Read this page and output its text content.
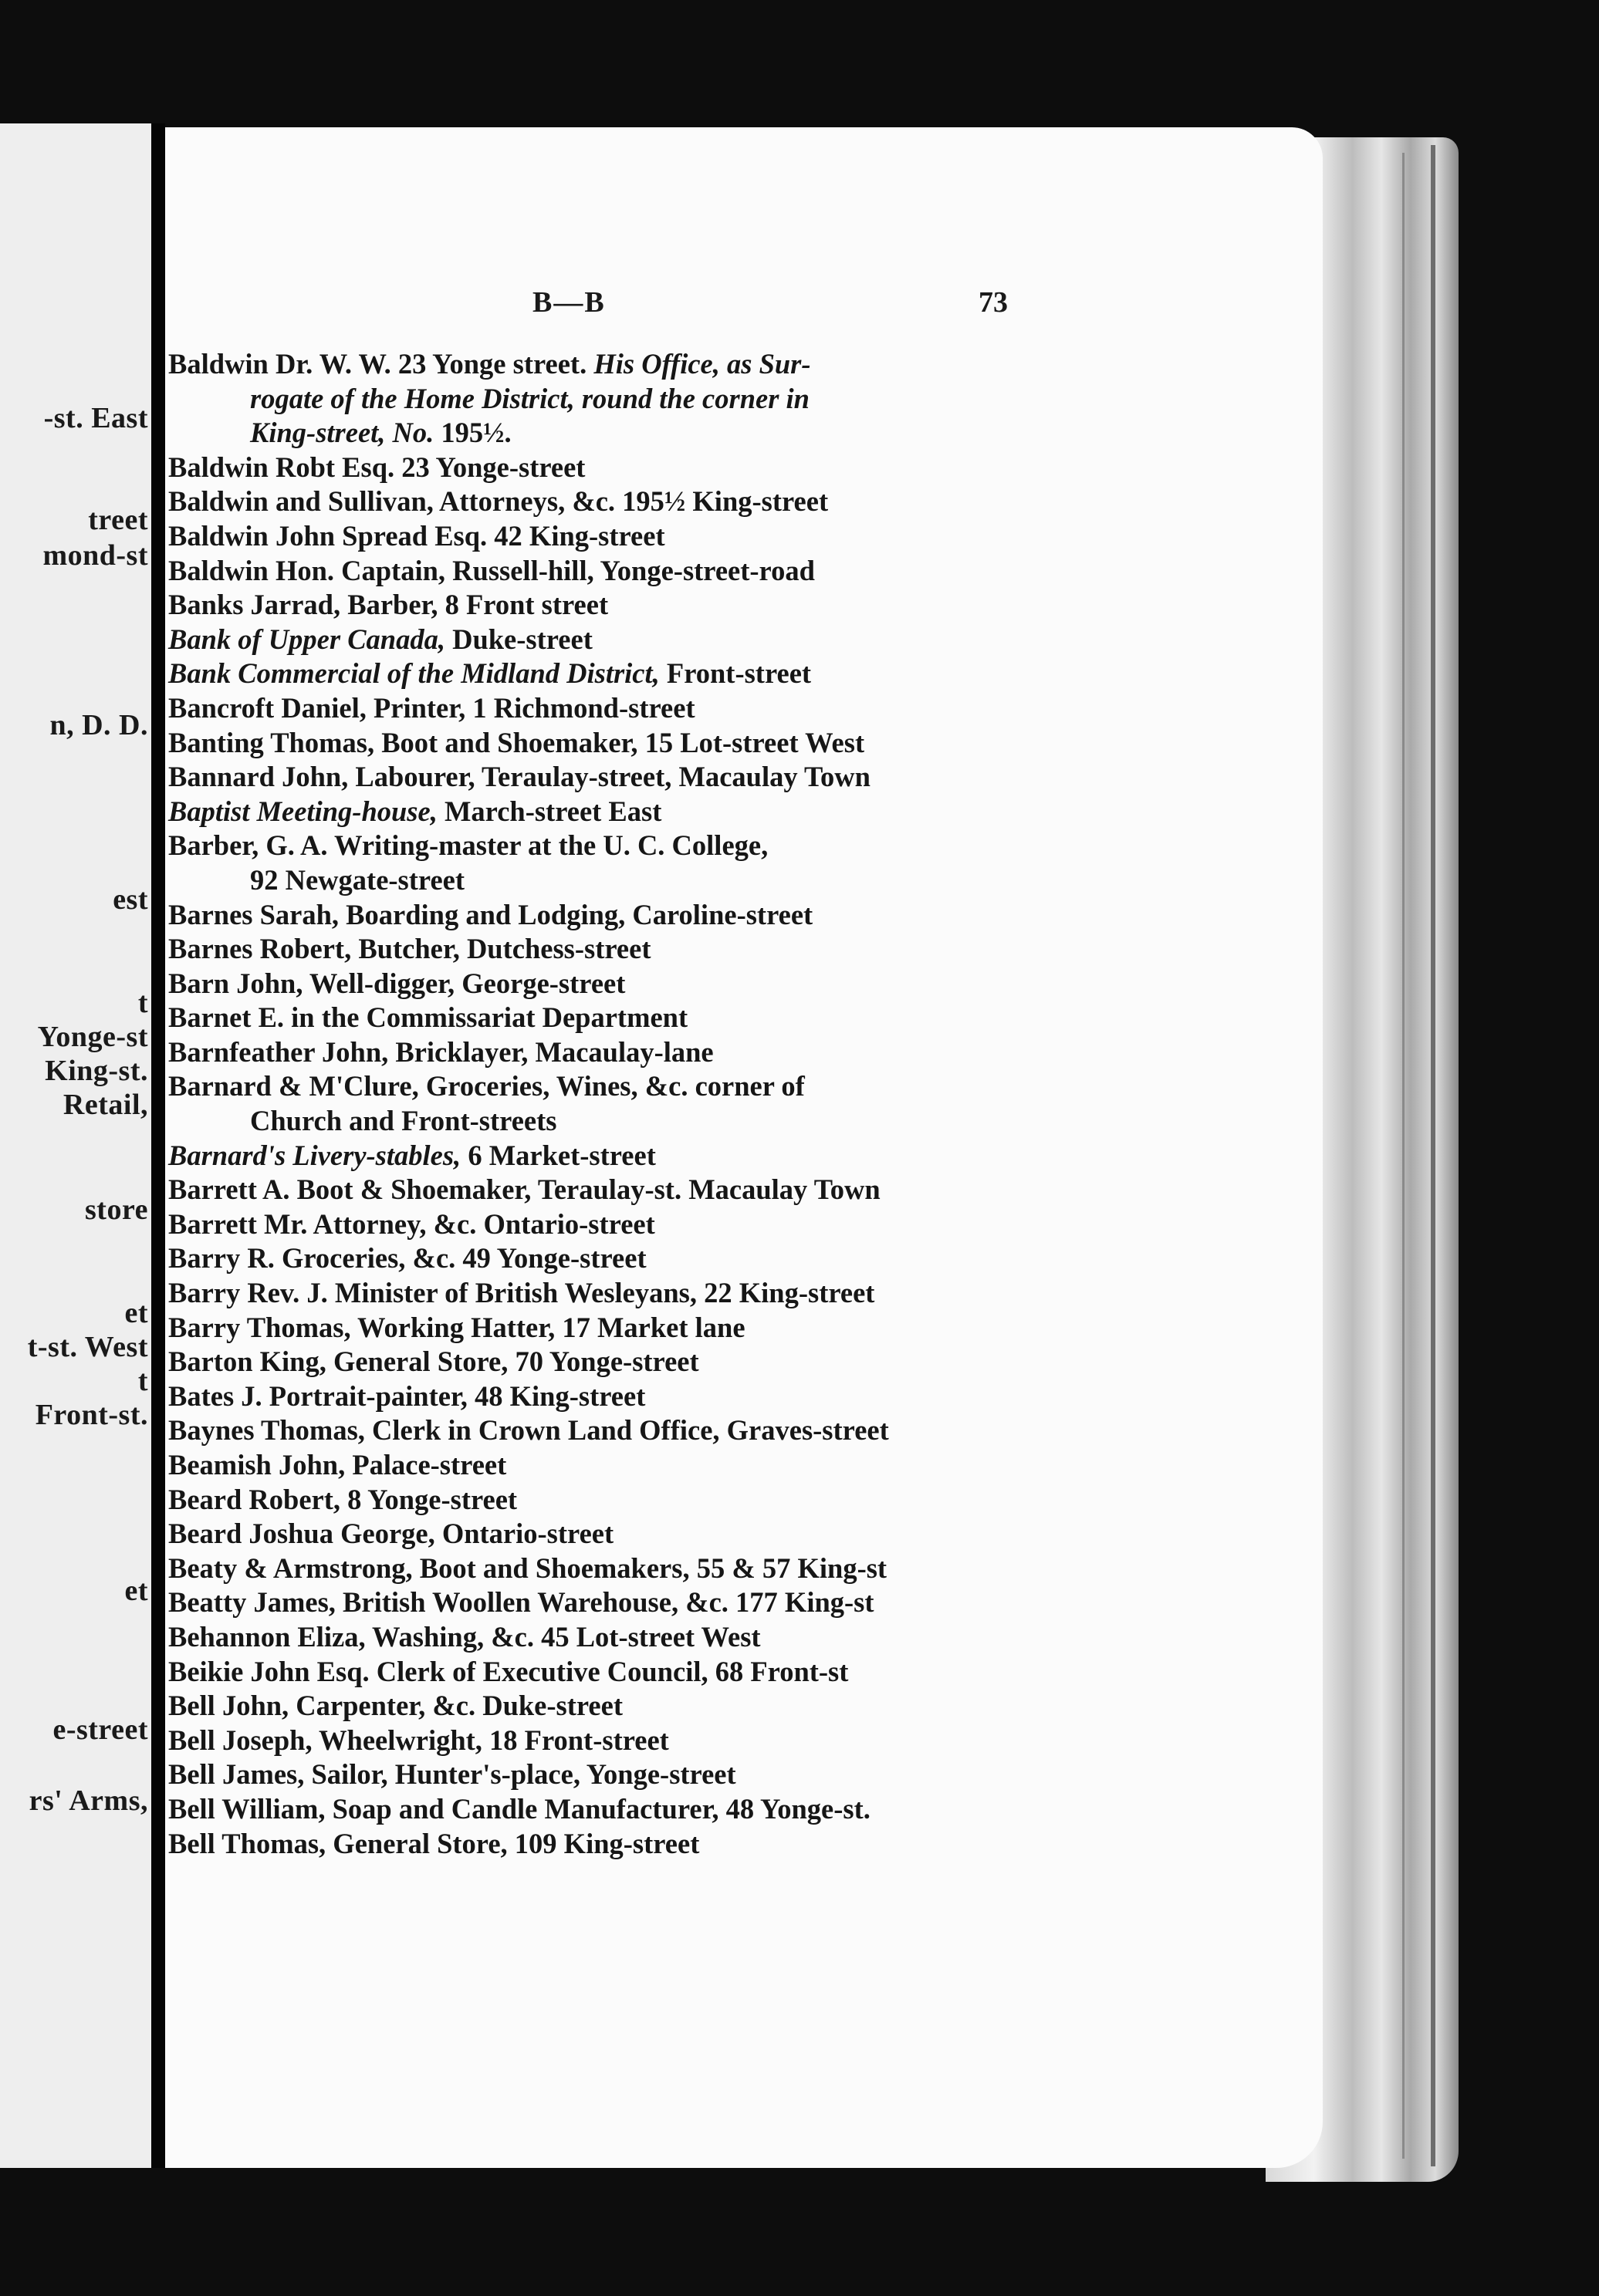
-st. East
treet
mond-st
n, D. D.
est
t
Yonge-st
King-st.
Retail,
store
et
t-st. West
t
Front-st.
et
e-street
rs' Arms,
B—B	73
Baldwin Dr. W. W. 23 Yonge street. His Office, as Sur-
rogate of the Home District, round the corner in
King-street, No. 195½.
Baldwin Robt Esq. 23 Yonge-street
Baldwin and Sullivan, Attorneys, &c. 195½ King-street
Baldwin John Spread Esq. 42 King-street
Baldwin Hon. Captain, Russell-hill, Yonge-street-road
Banks Jarrad, Barber, 8 Front street
Bank of Upper Canada, Duke-street
Bank Commercial of the Midland District, Front-street
Bancroft Daniel, Printer, 1 Richmond-street
Banting Thomas, Boot and Shoemaker, 15 Lot-street West
Bannard John, Labourer, Teraulay-street, Macaulay Town
Baptist Meeting-house, March-street East
Barber, G. A. Writing-master at the U. C. College,
92 Newgate-street
Barnes Sarah, Boarding and Lodging, Caroline-street
Barnes Robert, Butcher, Dutchess-street
Barn John, Well-digger, George-street
Barnet E. in the Commissariat Department
Barnfeather John, Bricklayer, Macaulay-lane
Barnard & M'Clure, Groceries, Wines, &c. corner of
Church and Front-streets
Barnard's Livery-stables, 6 Market-street
Barrett A. Boot & Shoemaker, Teraulay-st. Macaulay Town
Barrett Mr. Attorney, &c. Ontario-street
Barry R. Groceries, &c. 49 Yonge-street
Barry Rev. J. Minister of British Wesleyans, 22 King-street
Barry Thomas, Working Hatter, 17 Market lane
Barton King, General Store, 70 Yonge-street
Bates J. Portrait-painter, 48 King-street
Baynes Thomas, Clerk in Crown Land Office, Graves-street
Beamish John, Palace-street
Beard Robert, 8 Yonge-street
Beard Joshua George, Ontario-street
Beaty & Armstrong, Boot and Shoemakers, 55 & 57 King-st
Beatty James, British Woollen Warehouse, &c. 177 King-st
Behannon Eliza, Washing, &c. 45 Lot-street West
Beikie John Esq. Clerk of Executive Council, 68 Front-st
Bell John, Carpenter, &c. Duke-street
Bell Joseph, Wheelwright, 18 Front-street
Bell James, Sailor, Hunter's-place, Yonge-street
Bell William, Soap and Candle Manufacturer, 48 Yonge-st.
Bell Thomas, General Store, 109 King-street
